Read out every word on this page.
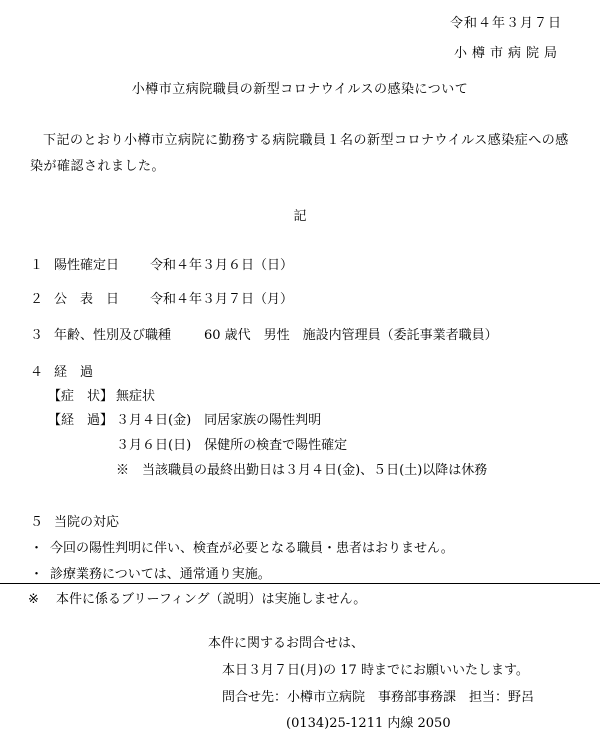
令和４年３月７日
小樽市病院局
小樽市立病院職員の新型コロナウイルスの感染について
下記のとおり小樽市立病院に勤務する病院職員１名の新型コロナウイルス感染症への感染が確認されました。
記
１ 陽性確定日 令和４年３月６日（日）
２ 公　表　日 令和４年３月７日（月）
３ 年齢、性別及び職種	60 歳代　男性　施設内管理員（委託事業者職員）
４ 経　過
【症　状】 無症状
【経　過】 ３月４日(金)　同居家族の陽性判明
３月６日(日)　保健所の検査で陽性確定
※　当該職員の最終出勤日は３月４日(金)、５日(土)以降は休務
５ 当院の対応
・ 今回の陽性判明に伴い、検査が必要となる職員・患者はおりません。
・ 診療業務については、通常通り実施。
※ 本件に係るブリーフィング（説明）は実施しません。
本件に関するお問合せは、
本日３月７日(月)の 17 時までにお願いいたします。
問合せ先：小樽市立病院　事務部事務課　担当：野呂
(0134)25-1211 内線 2050
